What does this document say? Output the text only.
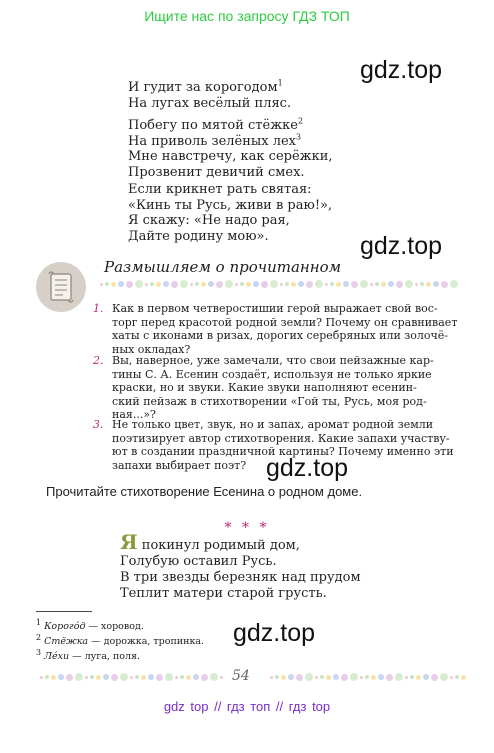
Ищите нас по запросу ГДЗ ТОП
gdz.top
gdz.top
gdz.top
gdz.top
И гудит за корогодом$^1$
На лугах весёлый пляс.
Побегу по мятой стёжке$^2$
На приволь зелёных лех$^3$
Мне навстречу, как серёжки,
Прозвенит девичий смех.
Если крикнет рать святая:
«Кинь ты Русь, живи в раю!»,
Я скажу: «Не надо рая,
Дайте родину мою».
Размышляем о прочитанном
1. Как в первом четверостишии герой выражает свой вос-
торг перед красотой родной земли? Почему он сравнивает
хаты с иконами в ризах, дорогих серебряных или золочё-
ных окладах?
2. Вы, наверное, уже замечали, что свои пейзажные кар-
тины С. А. Есенин создаёт, используя не только яркие
краски, но и звуки. Какие звуки наполняют есенин-
ский пейзаж в стихотворении «Гой ты, Русь, моя род-
ная...»?
3. Не только цвет, звук, но и запах, аромат родной земли
поэтизирует автор стихотворения. Какие запахи участву-
ют в создании праздничной картины? Почему именно эти
запахи выбирает поэт?
Прочитайте стихотворение Есенина о родном доме.
* * *
Я покинул родимый дом,
Голубую оставил Русь.
В три звезды березняк над прудом
Теплит матери старой грусть.
$^1$ Корогóд — хоровод.
$^2$ Стёжка — дорожка, тропинка.
$^3$ Лéхи — луга, поля.
54
gdz top // гдз топ // гдз top
